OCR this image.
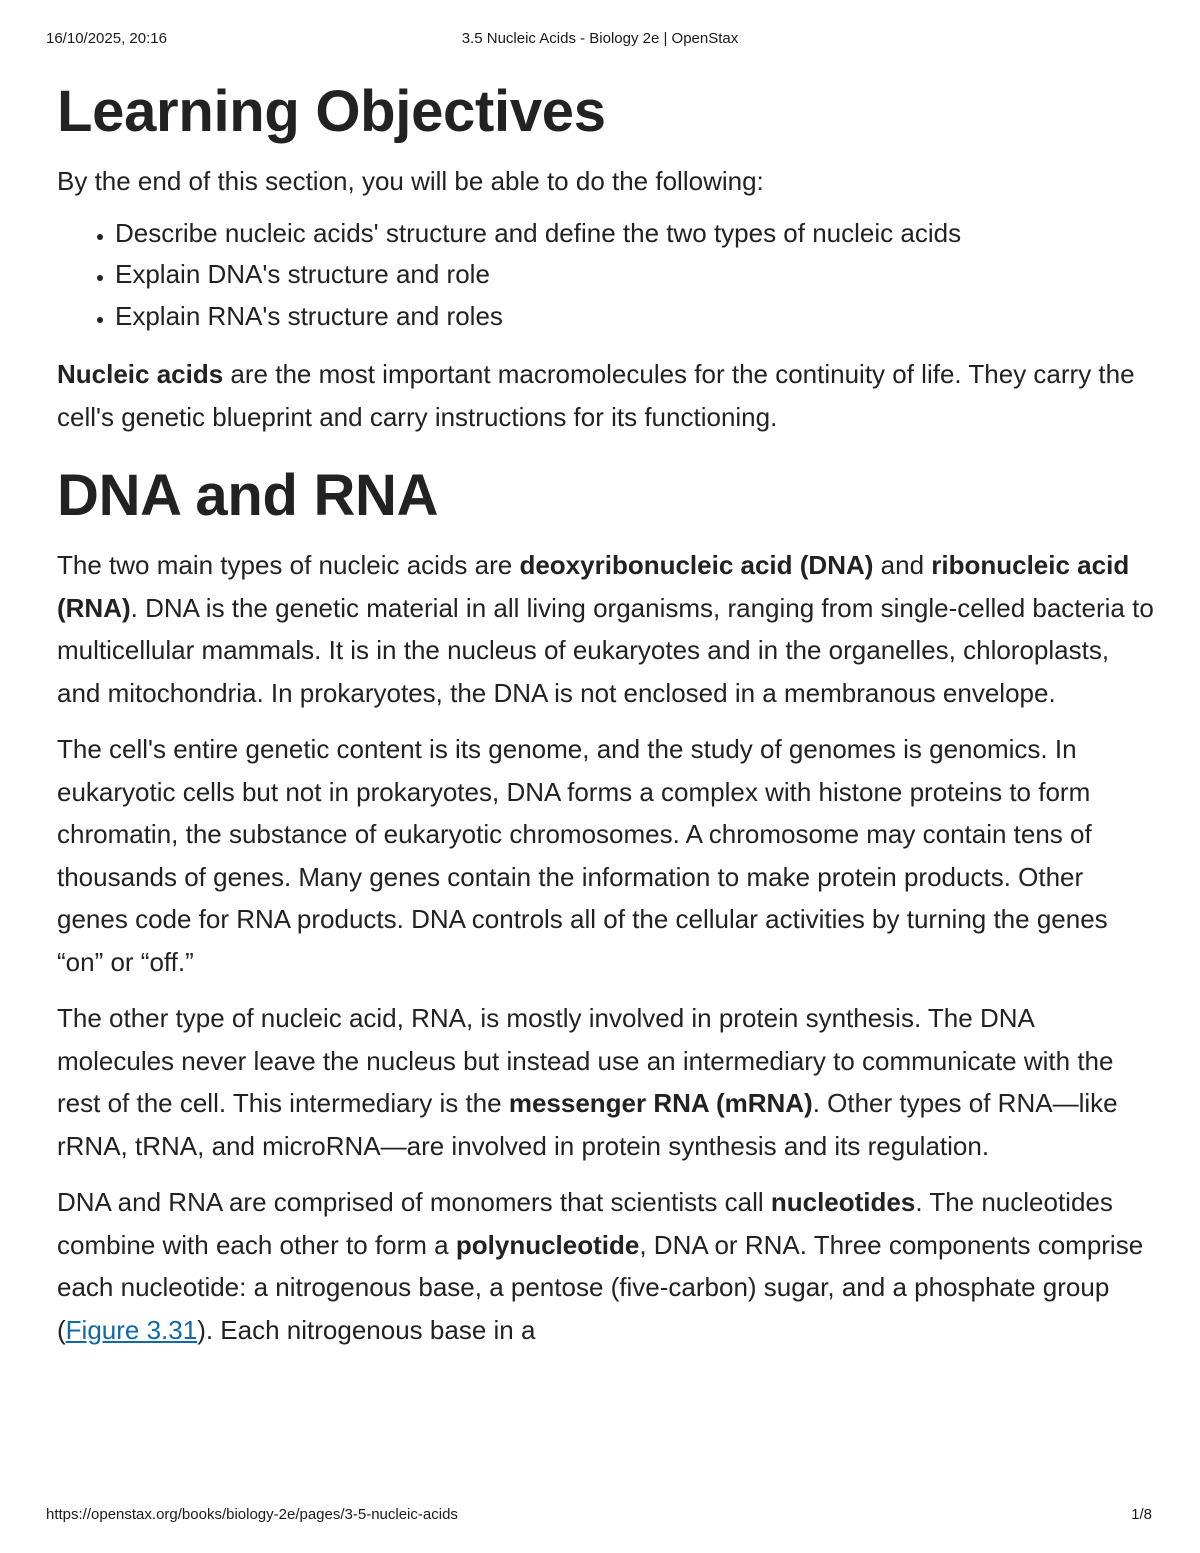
16/10/2025, 20:16	3.5 Nucleic Acids - Biology 2e | OpenStax
Learning Objectives

By the end of this section, you will be able to do the following:

• Describe nucleic acids' structure and define the two types of nucleic acids
• Explain DNA's structure and role
• Explain RNA's structure and roles

Nucleic acids are the most important macromolecules for the continuity of life. They carry the cell's genetic blueprint and carry instructions for its functioning.

DNA and RNA

The two main types of nucleic acids are deoxyribonucleic acid (DNA) and ribonucleic acid (RNA). DNA is the genetic material in all living organisms, ranging from single-celled bacteria to multicellular mammals. It is in the nucleus of eukaryotes and in the organelles, chloroplasts, and mitochondria. In prokaryotes, the DNA is not enclosed in a membranous envelope.

The cell's entire genetic content is its genome, and the study of genomes is genomics. In eukaryotic cells but not in prokaryotes, DNA forms a complex with histone proteins to form chromatin, the substance of eukaryotic chromosomes. A chromosome may contain tens of thousands of genes. Many genes contain the information to make protein products. Other genes code for RNA products. DNA controls all of the cellular activities by turning the genes “on” or “off.”

The other type of nucleic acid, RNA, is mostly involved in protein synthesis. The DNA molecules never leave the nucleus but instead use an intermediary to communicate with the rest of the cell. This intermediary is the messenger RNA (mRNA). Other types of RNA—like rRNA, tRNA, and microRNA—are involved in protein synthesis and its regulation.

DNA and RNA are comprised of monomers that scientists call nucleotides. The nucleotides combine with each other to form a polynucleotide, DNA or RNA. Three components comprise each nucleotide: a nitrogenous base, a pentose (five-carbon) sugar, and a phosphate group (Figure 3.31). Each nitrogenous base in a

https://openstax.org/books/biology-2e/pages/3-5-nucleic-acids	1/8
